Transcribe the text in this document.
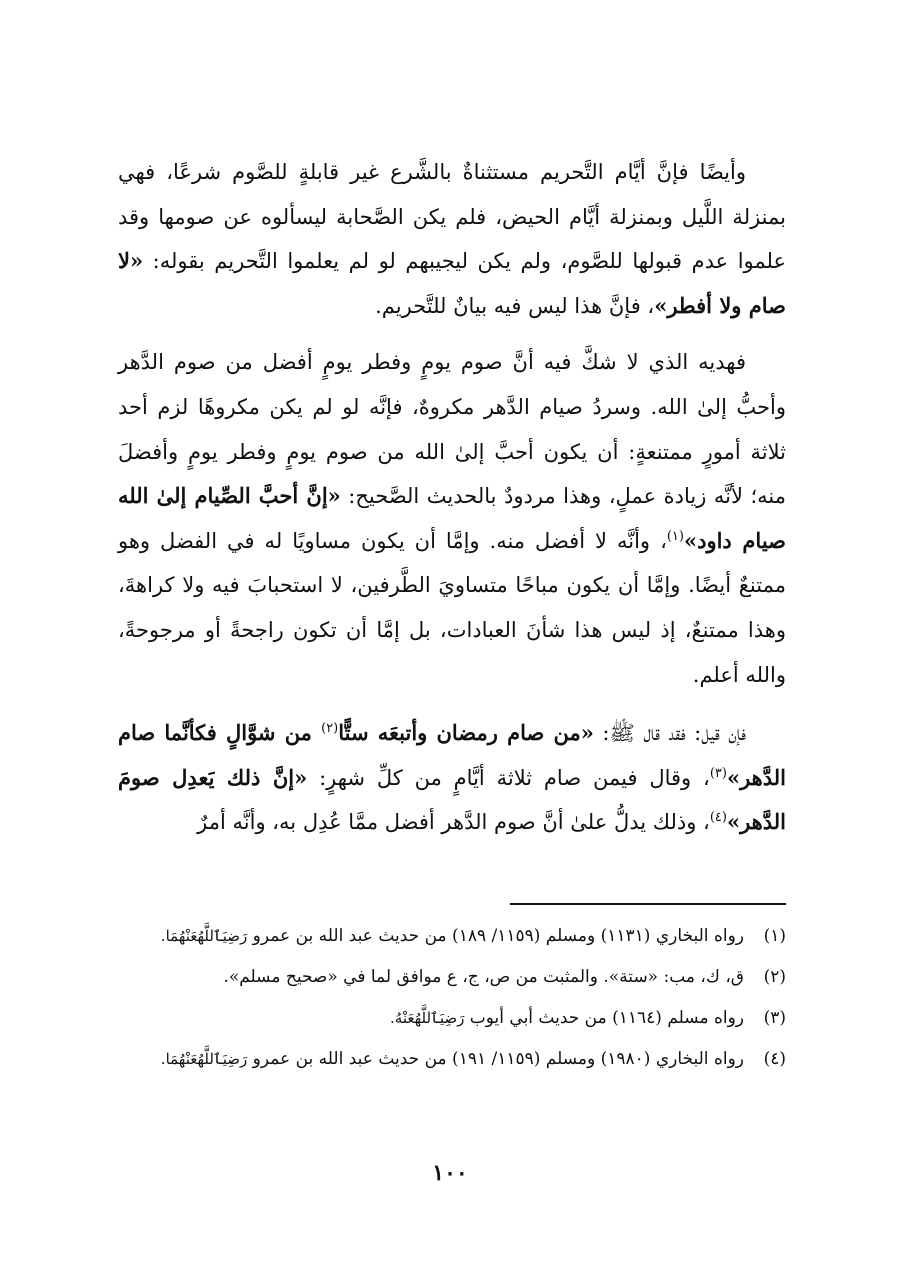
وأيضًا فإنَّ أيَّام التَّحريم مستثناةٌ بالشَّرع غير قابلةٍ للصَّوم شرعًا، فهي بمنزلة اللَّيل وبمنزلة أيَّام الحيض، فلم يكن الصَّحابة ليسألوه عن صومها وقد علموا عدم قبولها للصَّوم، ولم يكن ليجيبهم لو لم يعلموا التَّحريم بقوله: «لا صام ولا أفطر»، فإنَّ هذا ليس فيه بيانٌ للتَّحريم.

فهديه الذي لا شكَّ فيه أنَّ صوم يومٍ وفطر يومٍ أفضل من صوم الدَّهر وأحبُّ إلىٰ الله. وسردُ صيام الدَّهر مكروهٌ، فإنَّه لو لم يكن مكروهًا لزم أحد ثلاثة أمورٍ ممتنعةٍ: أن يكون أحبَّ إلىٰ الله من صوم يومٍ وفطر يومٍ وأفضلَ منه؛ لأنَّه زيادة عملٍ، وهذا مردودٌ بالحديث الصَّحيح: «إنَّ أحبَّ الصِّيام إلىٰ الله صيام داود»$^{(١)}$، وأنَّه لا أفضل منه. وإمَّا أن يكون مساويًا له في الفضل وهو ممتنعٌ أيضًا. وإمَّا أن يكون مباحًا متساويَ الطَّرفين، لا استحبابَ فيه ولا كراهةَ، وهذا ممتنعٌ، إذ ليس هذا شأنَ العبادات، بل إمَّا أن تكون راجحةً أو مرجوحةً، والله أعلم.

فإن قيل: فقد قال ﷺ: «من صام رمضان وأتبعَه ستًّا$^{(٢)}$ من شوَّالٍ فكأنَّما صام الدَّهر»$^{(٣)}$، وقال فيمن صام ثلاثة أيَّامٍ من كلِّ شهرٍ: «إنَّ ذلك يَعدِل صومَ الدَّهر»$^{(٤)}$، وذلك يدلُّ علىٰ أنَّ صوم الدَّهر أفضل ممَّا عُدِل به، وأنَّه أمرٌ

(١)رواه البخاري (١١٣١) ومسلم (١١٥٩/ ١٨٩) من حديث عبد الله بن عمرو رَضِيَٱللَّهُعَنْهُمَا.

(٢)ق، ك، مب: «ستة». والمثبت من ص، ج، ع موافق لما في «صحيح مسلم».

(٣)رواه مسلم (١١٦٤) من حديث أبي أيوب رَضِيَٱللَّهُعَنْهُ.

(٤)رواه البخاري (١٩٨٠) ومسلم (١١٥٩/ ١٩١) من حديث عبد الله بن عمرو رَضِيَٱللَّهُعَنْهُمَا.

١٠٠
